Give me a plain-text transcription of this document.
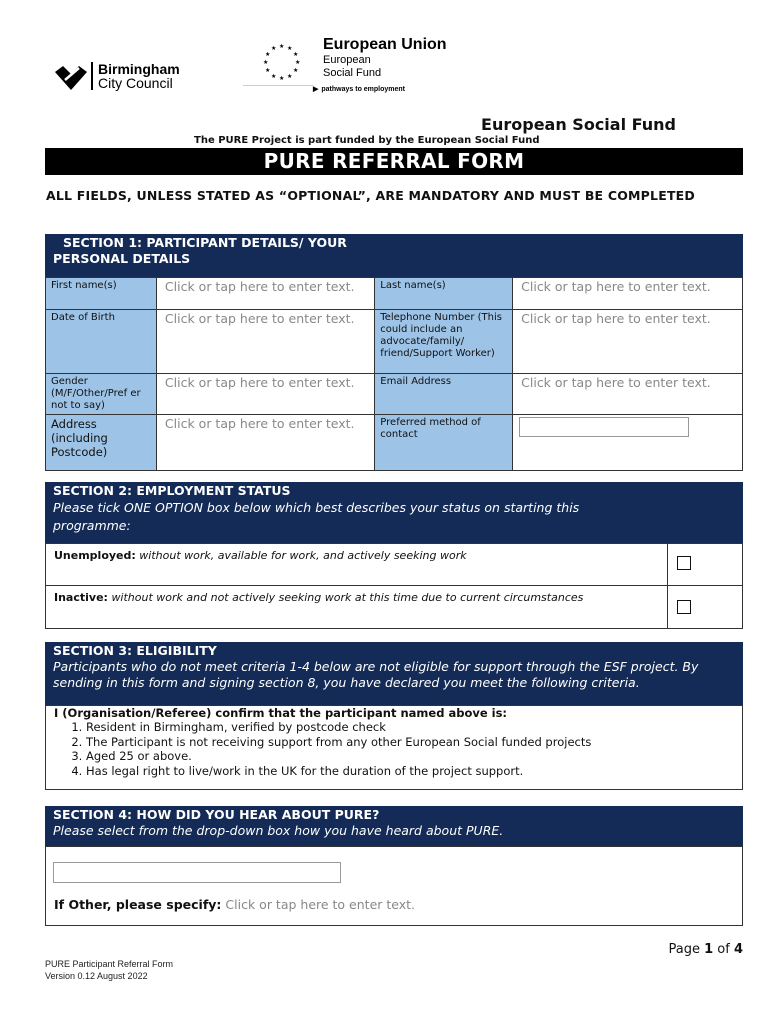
Birmingham
City Council
★ ★
★
★
★
★
★
★
★
★
★
★	European Union
European
Social Fund
▶ pathways to employment
European Social Fund
The PURE Project is part funded by the European Social Fund
PURE REFERRAL FORM
ALL FIELDS, UNLESS STATED AS “OPTIONAL”, ARE MANDATORY AND MUST BE COMPLETED
SECTION 1: PARTICIPANT DETAILS/ YOUR
PERSONAL DETAILS
First name(s)	Click or tap here to enter text.	Last name(s)	Click or tap here to enter text.
Date of Birth	Click or tap here to enter text.	Telephone Number (This could include an advocate/family/ friend/Support Worker)	Click or tap here to enter text.
Gender (M/F/Other/Pref er not to say)	Click or tap here to enter text.	Email Address	Click or tap here to enter text.
Address (including Postcode)	Click or tap here to enter text.	Preferred method of contact	
SECTION 2: EMPLOYMENT STATUS
Please tick ONE OPTION box below which best describes your status on starting this programme:
Unemployed: without work, available for work, and actively seeking work
Inactive: without work and not actively seeking work at this time due to current circumstances
SECTION 3: ELIGIBILITY
Participants who do not meet criteria 1-4 below are not eligible for support through the ESF project. By sending in this form and signing section 8, you have declared you meet the following criteria.
I (Organisation/Referee) confirm that the participant named above is:
1. Resident in Birmingham, verified by postcode check
2. The Participant is not receiving support from any other European Social funded projects
3. Aged 25 or above.
4. Has legal right to live/work in the UK for the duration of the project support.
SECTION 4: HOW DID YOU HEAR ABOUT PURE?
Please select from the drop-down box how you have heard about PURE.
If Other, please specify: Click or tap here to enter text.
Page 1 of 4
PURE Participant Referral Form
Version 0.12 August 2022
